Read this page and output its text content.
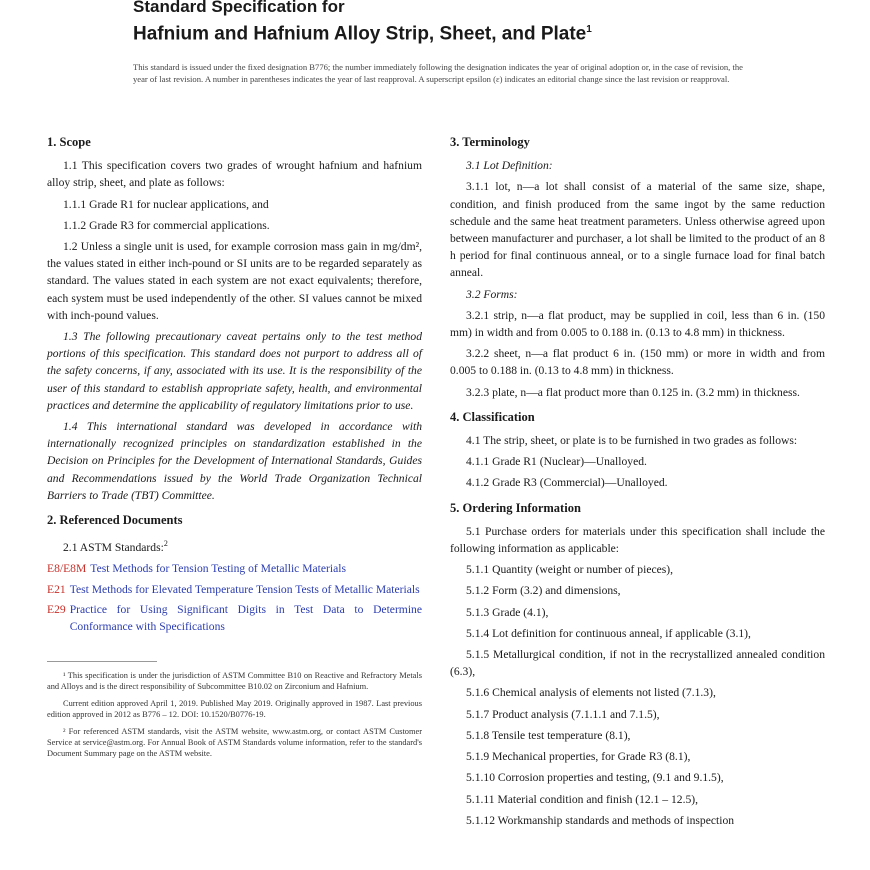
Standard Specification for
Hafnium and Hafnium Alloy Strip, Sheet, and Plate$^1$
This standard is issued under the fixed designation B776; the number immediately following the designation indicates the year of original adoption or, in the case of revision, the year of last revision. A number in parentheses indicates the year of last reapproval. A superscript epsilon (ε) indicates an editorial change since the last revision or reapproval.
1. Scope

1.1 This specification covers two grades of wrought hafnium and hafnium alloy strip, sheet, and plate as follows:

1.1.1 Grade R1 for nuclear applications, and

1.1.2 Grade R3 for commercial applications.

1.2 Unless a single unit is used, for example corrosion mass gain in mg/dm², the values stated in either inch-pound or SI units are to be regarded separately as standard. The values stated in each system are not exact equivalents; therefore, each system must be used independently of the other. SI values cannot be mixed with inch-pound values.

1.3 The following precautionary caveat pertains only to the test method portions of this specification. This standard does not purport to address all of the safety concerns, if any, associated with its use. It is the responsibility of the user of this standard to establish appropriate safety, health, and environmental practices and determine the applicability of regulatory limitations prior to use.

1.4 This international standard was developed in accordance with internationally recognized principles on standardization established in the Decision on Principles for the Development of International Standards, Guides and Recommendations issued by the World Trade Organization Technical Barriers to Trade (TBT) Committee.

2. Referenced Documents

2.1 ASTM Standards:$^2$

E8/E8M Test Methods for Tension Testing of Metallic Materials
E21 Test Methods for Elevated Temperature Tension Tests of Metallic Materials
E29 Practice for Using Significant Digits in Test Data to Determine Conformance with Specifications

¹ This specification is under the jurisdiction of ASTM Committee B10 on Reactive and Refractory Metals and Alloys and is the direct responsibility of Subcommittee B10.02 on Zirconium and Hafnium.

Current edition approved April 1, 2019. Published May 2019. Originally approved in 1987. Last previous edition approved in 2012 as B776 – 12. DOI: 10.1520/B0776-19.

² For referenced ASTM standards, visit the ASTM website, www.astm.org, or contact ASTM Customer Service at service@astm.org. For Annual Book of ASTM Standards volume information, refer to the standard's Document Summary page on the ASTM website.

3. Terminology

3.1 Lot Definition:

3.1.1 lot, n—a lot shall consist of a material of the same size, shape, condition, and finish produced from the same ingot by the same reduction schedule and the same heat treatment parameters. Unless otherwise agreed upon between manufacturer and purchaser, a lot shall be limited to the product of an 8 h period for final continuous anneal, or to a single furnace load for final batch anneal.

3.2 Forms:

3.2.1 strip, n—a flat product, may be supplied in coil, less than 6 in. (150 mm) in width and from 0.005 to 0.188 in. (0.13 to 4.8 mm) in thickness.

3.2.2 sheet, n—a flat product 6 in. (150 mm) or more in width and from 0.005 to 0.188 in. (0.13 to 4.8 mm) in thickness.

3.2.3 plate, n—a flat product more than 0.125 in. (3.2 mm) in thickness.

4. Classification

4.1 The strip, sheet, or plate is to be furnished in two grades as follows:

4.1.1 Grade R1 (Nuclear)—Unalloyed.

4.1.2 Grade R3 (Commercial)—Unalloyed.

5. Ordering Information

5.1 Purchase orders for materials under this specification shall include the following information as applicable:

5.1.1 Quantity (weight or number of pieces),

5.1.2 Form (3.2) and dimensions,

5.1.3 Grade (4.1),

5.1.4 Lot definition for continuous anneal, if applicable (3.1),

5.1.5 Metallurgical condition, if not in the recrystallized annealed condition (6.3),

5.1.6 Chemical analysis of elements not listed (7.1.3),

5.1.7 Product analysis (7.1.1.1 and 7.1.5),

5.1.8 Tensile test temperature (8.1),

5.1.9 Mechanical properties, for Grade R3 (8.1),

5.1.10 Corrosion properties and testing, (9.1 and 9.1.5),

5.1.11 Material condition and finish (12.1 – 12.5),

5.1.12 Workmanship standards and methods of inspection
